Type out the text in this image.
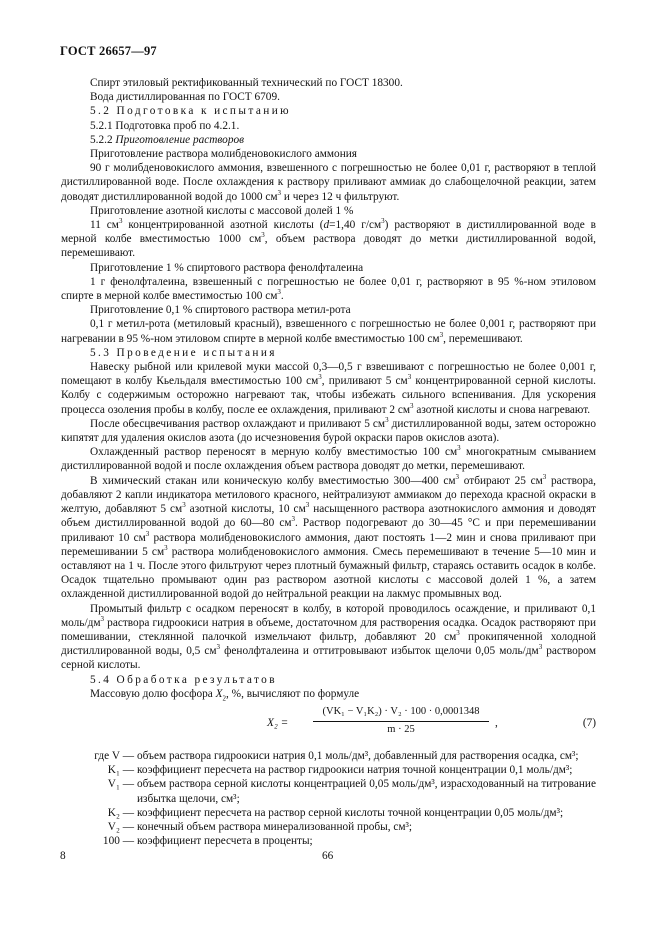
ГОСТ 26657—97
Спирт этиловый ректификованный технический по ГОСТ 18300.
Вода дистиллированная по ГОСТ 6709.
5.2 Подготовка к испытанию
5.2.1 Подготовка проб по 4.2.1.
5.2.2 Приготовление растворов
Приготовление раствора молибденовокислого аммония

90 г молибденовокислого аммония, взвешенного с погрешностью не более 0,01 г, растворяют в теплой дистиллированной воде. После охлаждения к раствору приливают аммиак до слабощелочной реакции, затем доводят дистиллированной водой до 1000 $см^3$ и через 12 ч фильтруют.

Приготовление азотной кислоты с массовой долей 1 %

11 $см^3$ концентрированной азотной кислоты (d=1,40 $г/см^3$) растворяют в дистиллированной воде в мерной колбе вместимостью 1000 $см^3$, объем раствора доводят до метки дистиллированной водой, перемешивают.

Приготовление 1 % спиртового раствора фенолфталеина

1 г фенолфталеина, взвешенный с погрешностью не более 0,01 г, растворяют в 95 %-ном этиловом спирте в мерной колбе вместимостью 100 $см^3$.

Приготовление 0,1 % спиртового раствора метил-рота

0,1 г метил-рота (метиловый красный), взвешенного с погрешностью не более 0,001 г, растворяют при нагревании в 95 %-ном этиловом спирте в мерной колбе вместимостью 100 $см^3$, перемешивают.

5.3 Проведение испытания

Навеску рыбной или крилевой муки массой 0,3—0,5 г взвешивают с погрешностью не более 0,001 г, помещают в колбу Кьельдаля вместимостью 100 $см^3$, приливают 5 $см^3$ концентрированной серной кислоты. Колбу с содержимым осторожно нагревают так, чтобы избежать сильного вспенивания. Для ускорения процесса озоления пробы в колбу, после ее охлаждения, приливают 2 $см^3$ азотной кислоты и снова нагревают.

После обесцвечивания раствор охлаждают и приливают 5 $см^3$ дистиллированной воды, затем осторожно кипятят для удаления окислов азота (до исчезновения бурой окраски паров окислов азота).

Охлажденный раствор переносят в мерную колбу вместимостью 100 $см^3$ многократным смыванием дистиллированной водой и после охлаждения объем раствора доводят до метки, перемешивают.

В химический стакан или коническую колбу вместимостью 300—400 $см^3$ отбирают 25 $см^3$ раствора, добавляют 2 капли индикатора метилового красного, нейтрализуют аммиаком до перехода красной окраски в желтую, добавляют 5 $см^3$ азотной кислоты, 10 $см^3$ насыщенного раствора азотнокислого аммония и доводят объем дистиллированной водой до 60—80 $см^3$. Раствор подогревают до 30—45 °С и при перемешивании приливают 10 $см^3$ раствора молибденовокислого аммония, дают постоять 1—2 мин и снова приливают при перемешивании 5 $см^3$ раствора молибденовокислого аммония. Смесь перемешивают в течение 5—10 мин и оставляют на 1 ч. После этого фильтруют через плотный бумажный фильтр, стараясь оставить осадок в колбе. Осадок тщательно промывают один раз раствором азотной кислоты с массовой долей 1 %, а затем охлажденной дистиллированной водой до нейтральной реакции на лакмус промывных вод.

Промытый фильтр с осадком переносят в колбу, в которой проводилось осаждение, и приливают 0,1 моль/$дм^3$ раствора гидроокиси натрия в объеме, достаточном для растворения осадка. Осадок растворяют при помешивании, стеклянной палочкой измельчают фильтр, добавляют 20 $см^3$ прокипяченной холодной дистиллированной воды, 0,5 $см^3$ фенолфталеина и оттитровывают избыток щелочи 0,05 моль/$дм^3$ раствором серной кислоты.

5.4 Обработка результатов
Массовую долю фосфора $X_2$, %, вычисляют по формуле
$X_2 = \frac{\text{(VK₁ − V₁K₂) · V₂ · 100 · 0,0001348}}{m \cdot 25}$ ,	(7)
где V — объем раствора гидроокиси натрия 0,1 моль/дм³, добавленный для растворения осадка, см³;
K₁ — коэффициент пересчета на раствор гидроокиси натрия точной концентрации 0,1 моль/дм³;
V₁ — объем раствора серной кислоты концентрацией 0,05 моль/дм³, израсходованный на титрование избытка щелочи, см³;
K₂ — коэффициент пересчета на раствор серной кислоты точной концентрации 0,05 моль/дм³;
V₂ — конечный объем раствора минерализованной пробы, см³;
100 — коэффициент пересчета в проценты;
8	66
